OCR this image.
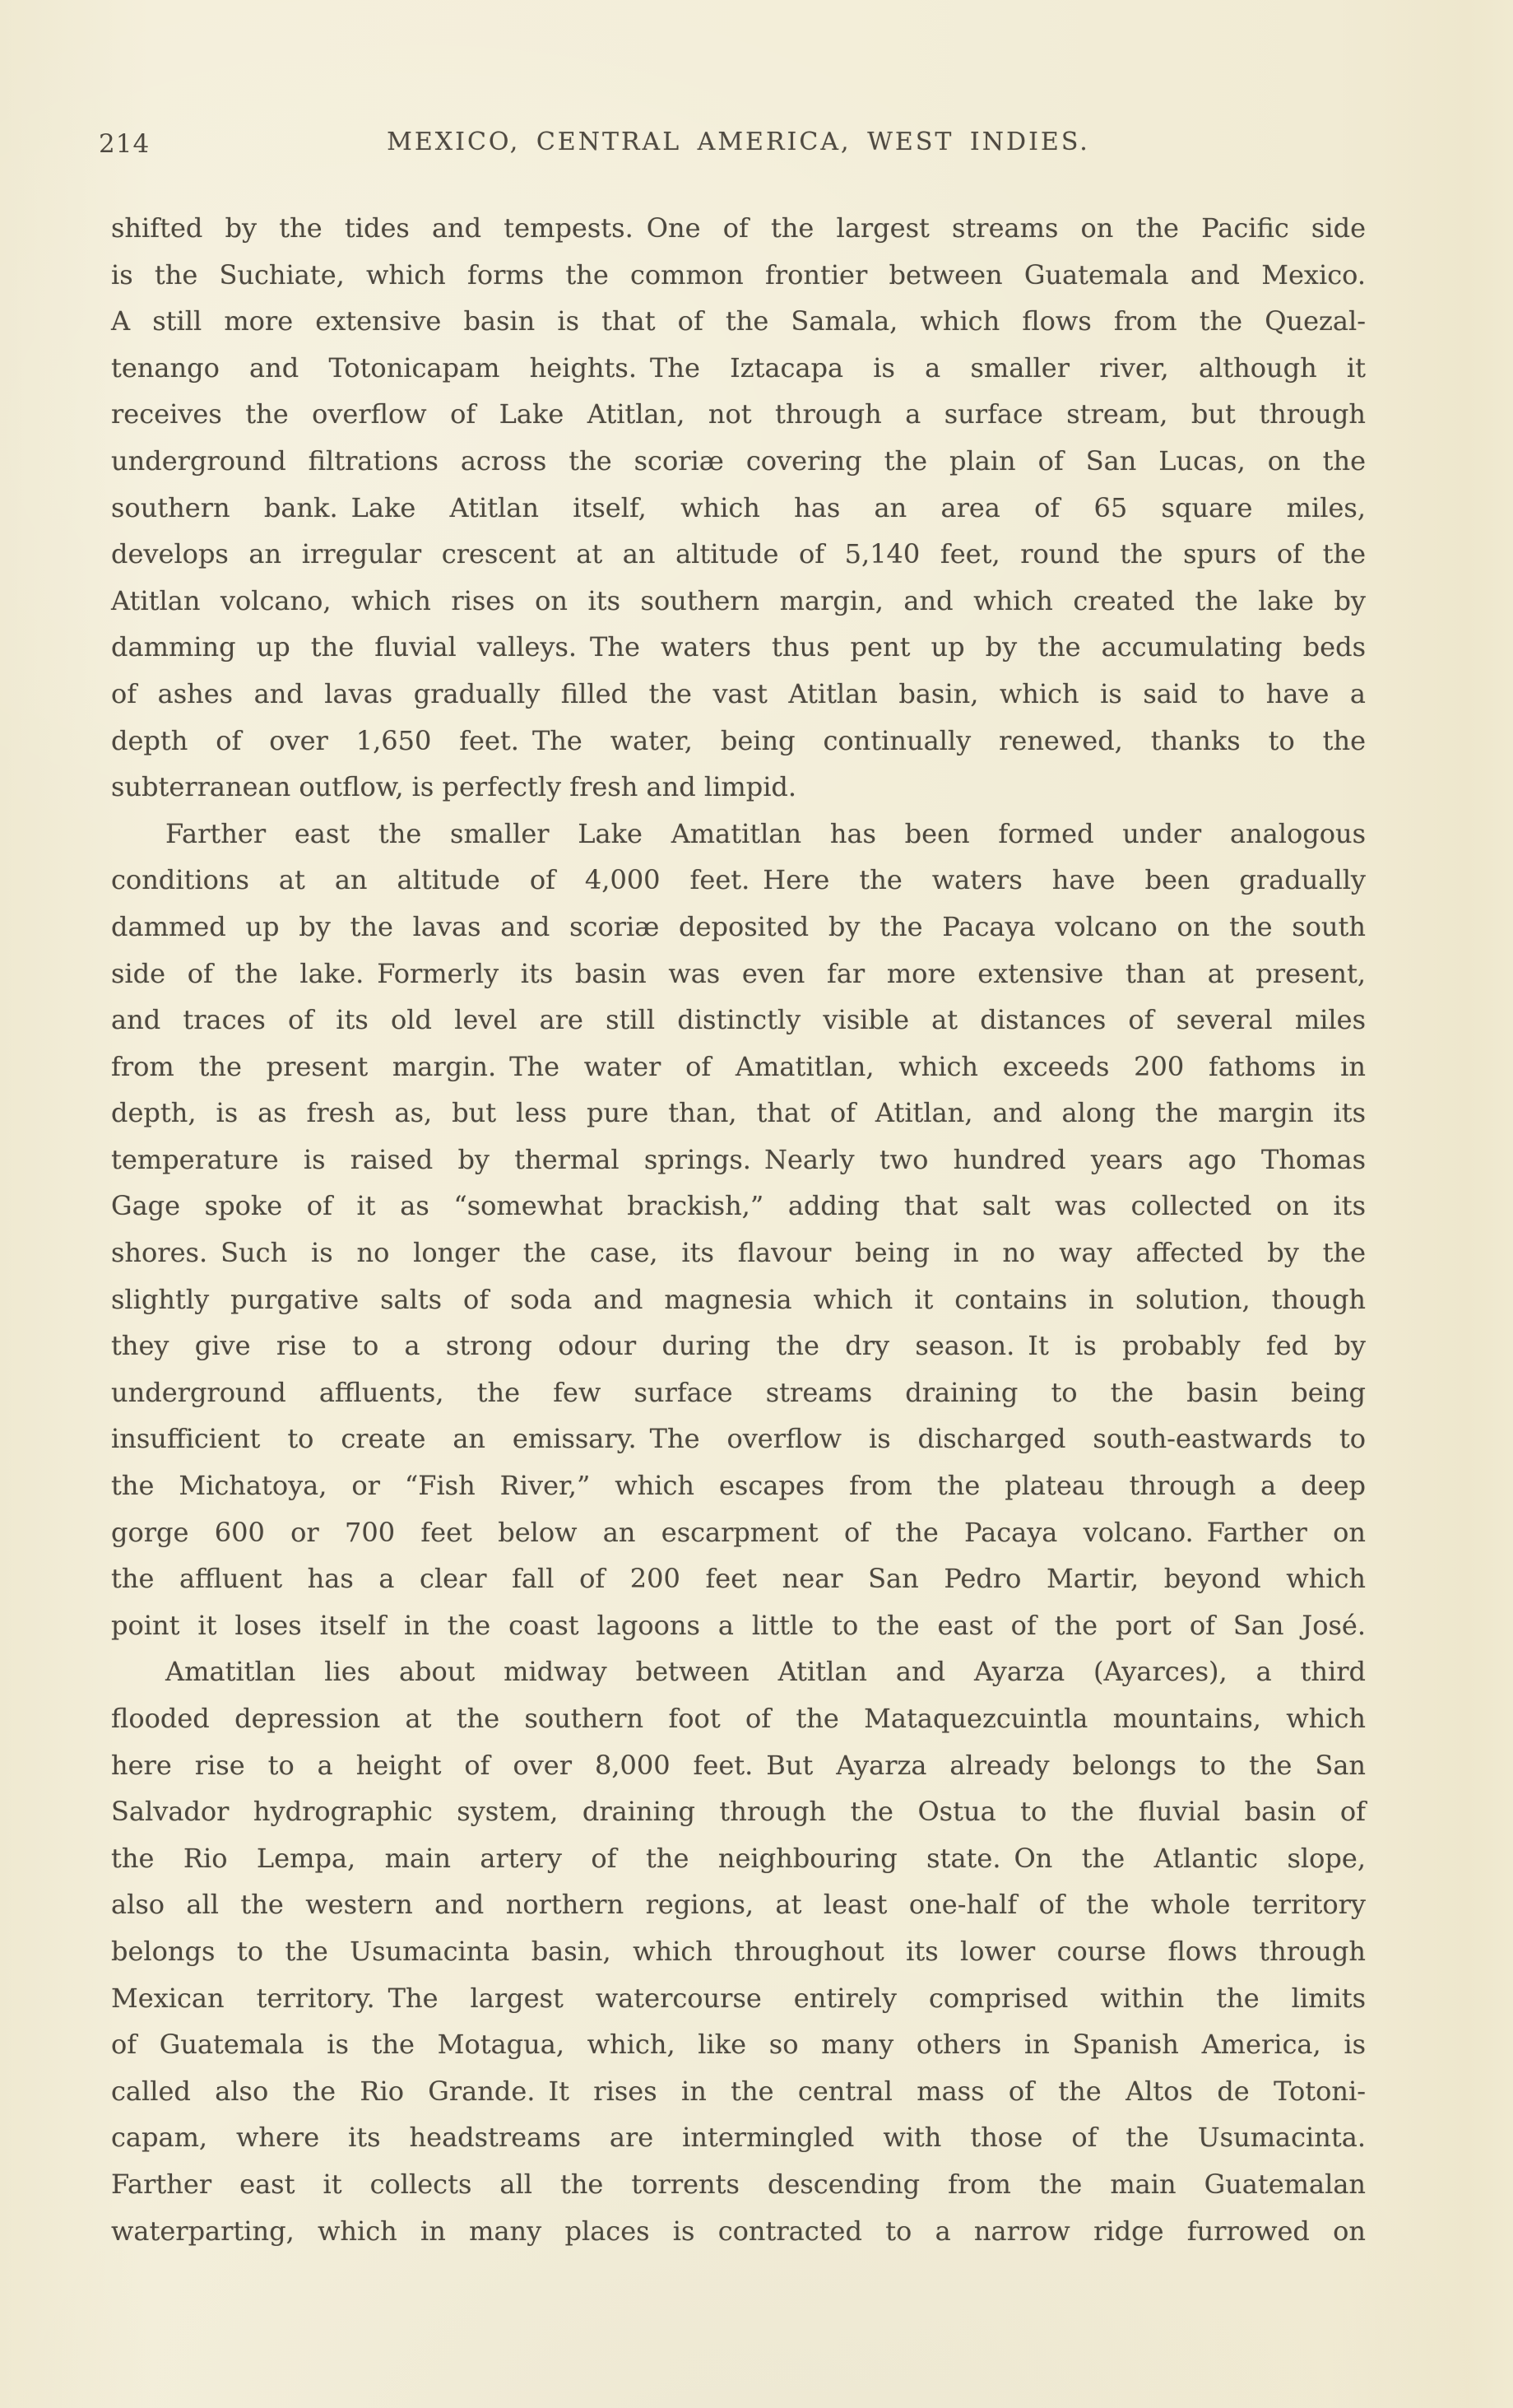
214	MEXICO, CENTRAL AMERICA, WEST INDIES.
shifted by the tides and tempests. One of the largest streams on the Pacific side
is the Suchiate, which forms the common frontier between Guatemala and Mexico.
A still more extensive basin is that of the Samala, which flows from the Quezal-
tenango and Totonicapam heights. The Iztacapa is a smaller river, although it
receives the overflow of Lake Atitlan, not through a surface stream, but through
underground filtrations across the scoriæ covering the plain of San Lucas, on the
southern bank. Lake Atitlan itself, which has an area of 65 square miles,
develops an irregular crescent at an altitude of 5,140 feet, round the spurs of the
Atitlan volcano, which rises on its southern margin, and which created the lake by
damming up the fluvial valleys. The waters thus pent up by the accumulating beds
of ashes and lavas gradually filled the vast Atitlan basin, which is said to have a
depth of over 1,650 feet. The water, being continually renewed, thanks to the
subterranean outflow, is perfectly fresh and limpid.
Farther east the smaller Lake Amatitlan has been formed under analogous
conditions at an altitude of 4,000 feet. Here the waters have been gradually
dammed up by the lavas and scoriæ deposited by the Pacaya volcano on the south
side of the lake. Formerly its basin was even far more extensive than at present,
and traces of its old level are still distinctly visible at distances of several miles
from the present margin. The water of Amatitlan, which exceeds 200 fathoms in
depth, is as fresh as, but less pure than, that of Atitlan, and along the margin its
temperature is raised by thermal springs. Nearly two hundred years ago Thomas
Gage spoke of it as “somewhat brackish,” adding that salt was collected on its
shores. Such is no longer the case, its flavour being in no way affected by the
slightly purgative salts of soda and magnesia which it contains in solution, though
they give rise to a strong odour during the dry season. It is probably fed by
underground affluents, the few surface streams draining to the basin being
insufficient to create an emissary. The overflow is discharged south-eastwards to
the Michatoya, or “Fish River,” which escapes from the plateau through a deep
gorge 600 or 700 feet below an escarpment of the Pacaya volcano. Farther on
the affluent has a clear fall of 200 feet near San Pedro Martir, beyond which
point it loses itself in the coast lagoons a little to the east of the port of San José.
Amatitlan lies about midway between Atitlan and Ayarza (Ayarces), a third
flooded depression at the southern foot of the Mataquezcuintla mountains, which
here rise to a height of over 8,000 feet. But Ayarza already belongs to the San
Salvador hydrographic system, draining through the Ostua to the fluvial basin of
the Rio Lempa, main artery of the neighbouring state. On the Atlantic slope,
also all the western and northern regions, at least one-half of the whole territory
belongs to the Usumacinta basin, which throughout its lower course flows through
Mexican territory. The largest watercourse entirely comprised within the limits
of Guatemala is the Motagua, which, like so many others in Spanish America, is
called also the Rio Grande. It rises in the central mass of the Altos de Totoni-
capam, where its headstreams are intermingled with those of the Usumacinta.
Farther east it collects all the torrents descending from the main Guatemalan
waterparting, which in many places is contracted to a narrow ridge furrowed on
